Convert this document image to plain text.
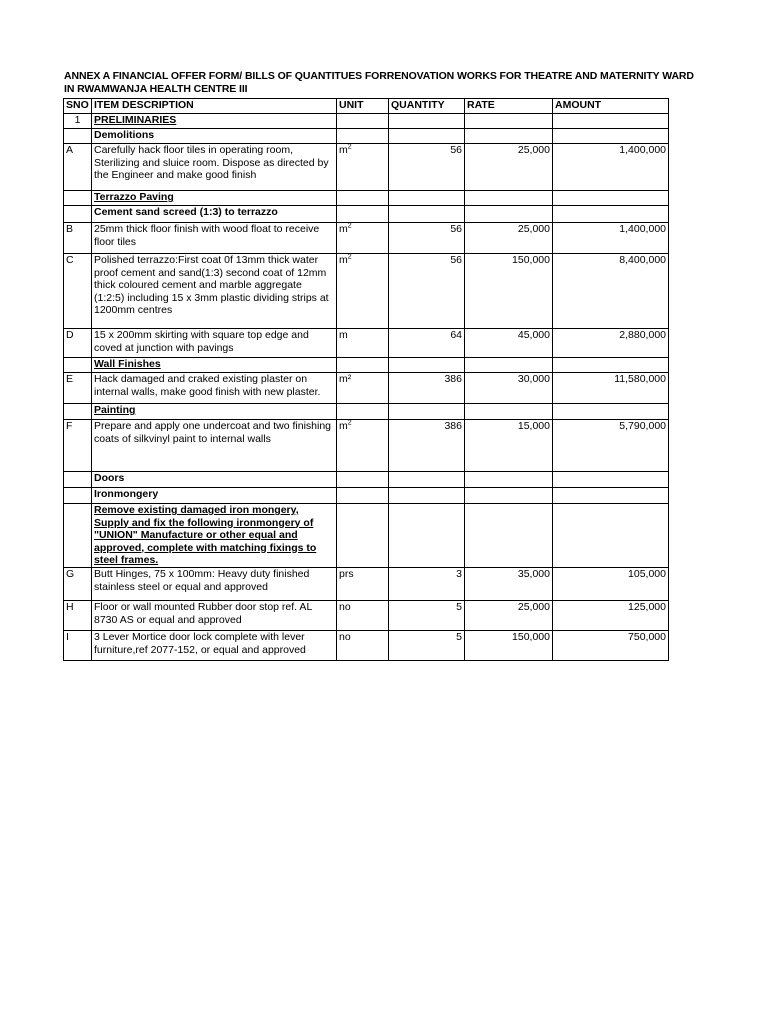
ANNEX A FINANCIAL OFFER FORM/ BILLS OF QUANTITUES FORRENOVATION WORKS FOR THEATRE AND MATERNITY WARD
IN RWAMWANJA HEALTH CENTRE III
SNO	ITEM DESCRIPTION	UNIT	QUANTITY	RATE	AMOUNT
1	PRELIMINARIES				
	Demolitions				
A	Carefully hack floor tiles in operating room, Sterilizing and sluice room. Dispose as directed by the Engineer and make good finish	$m^2$	56	25,000	1,400,000
	Terrazzo Paving				
	Cement sand screed (1:3) to terrazzo				
B	25mm thick floor finish with wood float to receive floor tiles	$m^2$	56	25,000	1,400,000
C	Polished terrazzo:First coat 0f 13mm thick water proof cement and sand(1:3) second coat of 12mm thick coloured cement and marble aggregate (1:2:5) including 15 x 3mm plastic dividing strips at 1200mm centres	$m^2$	56	150,000	8,400,000
D	15 x 200mm skirting with square top edge and coved at junction with pavings	m	64	45,000	2,880,000
	Wall Finishes				
E	Hack damaged and craked existing plaster on internal walls, make good finish with new plaster.	m²	386	30,000	11,580,000
	Painting				
F	Prepare and apply one undercoat and two finishing coats of silkvinyl paint to internal walls	$m^2$	386	15,000	5,790,000
	Doors				
	Ironmongery				
	Remove existing damaged iron mongery, Supply and fix the following ironmongery of "UNION" Manufacture or other equal and approved, complete with matching fixings to steel frames.				
G	Butt Hinges, 75 x 100mm: Heavy duty finished stainless steel or equal and approved	prs	3	35,000	105,000
H	Floor or wall mounted Rubber door stop ref. AL 8730 AS or equal and approved	no	5	25,000	125,000
I	3 Lever Mortice door lock complete with lever furniture,ref 2077-152, or equal and approved	no	5	150,000	750,000
